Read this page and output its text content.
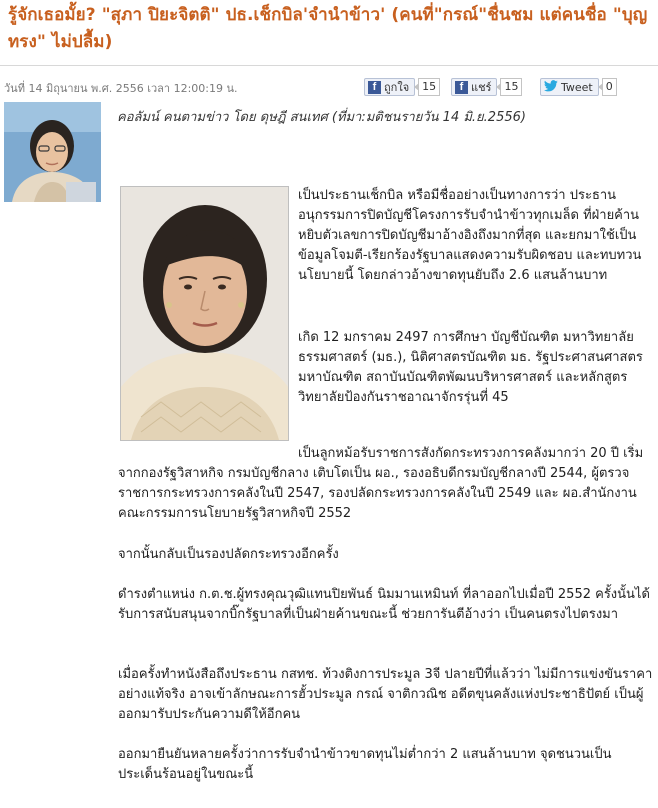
รู้จักเธอมั้ย? "สุภา ปิยะจิตติ" ปธ.เช็กบิล'จำนำข้าว' (คนที่"กรณ์"ชื่นชม แต่คนชื่อ "บุญทรง" ไม่ปลื้ม)
วันที่ 14 มิถุนายน พ.ศ. 2556 เวลา 12:00:19 น.	f ถูกใจ	15	f แชร์	15	Tweet	0
คอลัมน์ คนตามข่าว โดย ดุษฎี สนเทศ (ที่มา:มติชนรายวัน 14 มิ.ย.2556)
เป็นประธานเช็กบิล หรือมีชื่ออย่างเป็นทางการว่า ประธานอนุกรรมการปิดบัญชีโครงการรับจำนำข้าวทุกเมล็ด ที่ฝ่ายค้านหยิบตัวเลขการปิดบัญชีมาอ้างอิงถึงมากที่สุด และยกมาใช้เป็นข้อมูลโจมตี-เรียกร้องรัฐบาลแสดงความรับผิดชอบ และทบทวนนโยบายนี้ โดยกล่าวอ้างขาดทุนยับถึง 2.6 แสนล้านบาท
เกิด 12 มกราคม 2497 การศึกษา บัญชีบัณฑิต มหาวิทยาลัยธรรมศาสตร์ (มธ.), นิติศาสตรบัณฑิต มธ. รัฐประศาสนศาสตรมหาบัณฑิต สถาบันบัณฑิตพัฒนบริหารศาสตร์ และหลักสูตรวิทยาลัยป้องกันราชอาณาจักรรุ่นที่ 45
เป็นลูกหม้อรับราชการสังกัดกระทรวงการคลังมากว่า 20 ปี เริ่มจากกองรัฐวิสาหกิจ กรมบัญชีกลาง เติบโตเป็น ผอ., รองอธิบดีกรมบัญชีกลางปี 2544, ผู้ตรวจราชการกระทรวงการคลังในปี 2547, รองปลัดกระทรวงการคลังในปี 2549 และ ผอ.สำนักงานคณะกรรมการนโยบายรัฐวิสาหกิจปี 2552
จากนั้นกลับเป็นรองปลัดกระทรวงอีกครั้ง
ดำรงตำแหน่ง ก.ต.ช.ผู้ทรงคุณวุฒิแทนปิยพันธ์ นิมมานเหมินท์ ที่ลาออกไปเมื่อปี 2552 ครั้งนั้นได้รับการสนับสนุนจากบิ๊กรัฐบาลที่เป็นฝ่ายค้านขณะนี้ ช่วยการันตีอ้างว่า เป็นคนตรงไปตรงมา
เมื่อครั้งทำหนังสือถึงประธาน กสทช. ท้วงติงการประมูล 3จี ปลายปีที่แล้วว่า ไม่มีการแข่งขันราคาอย่างแท้จริง อาจเข้าลักษณะการฮั้วประมูล กรณ์ จาติกวณิช อดีตขุนคลังแห่งประชาธิปัตย์ เป็นผู้ออกมารับประกันความดีให้อีกคน
ออกมายืนยันหลายครั้งว่าการรับจำนำข้าวขาดทุนไม่ต่ำกว่า 2 แสนล้านบาท จุดชนวนเป็นประเด็นร้อนอยู่ในขณะนี้
